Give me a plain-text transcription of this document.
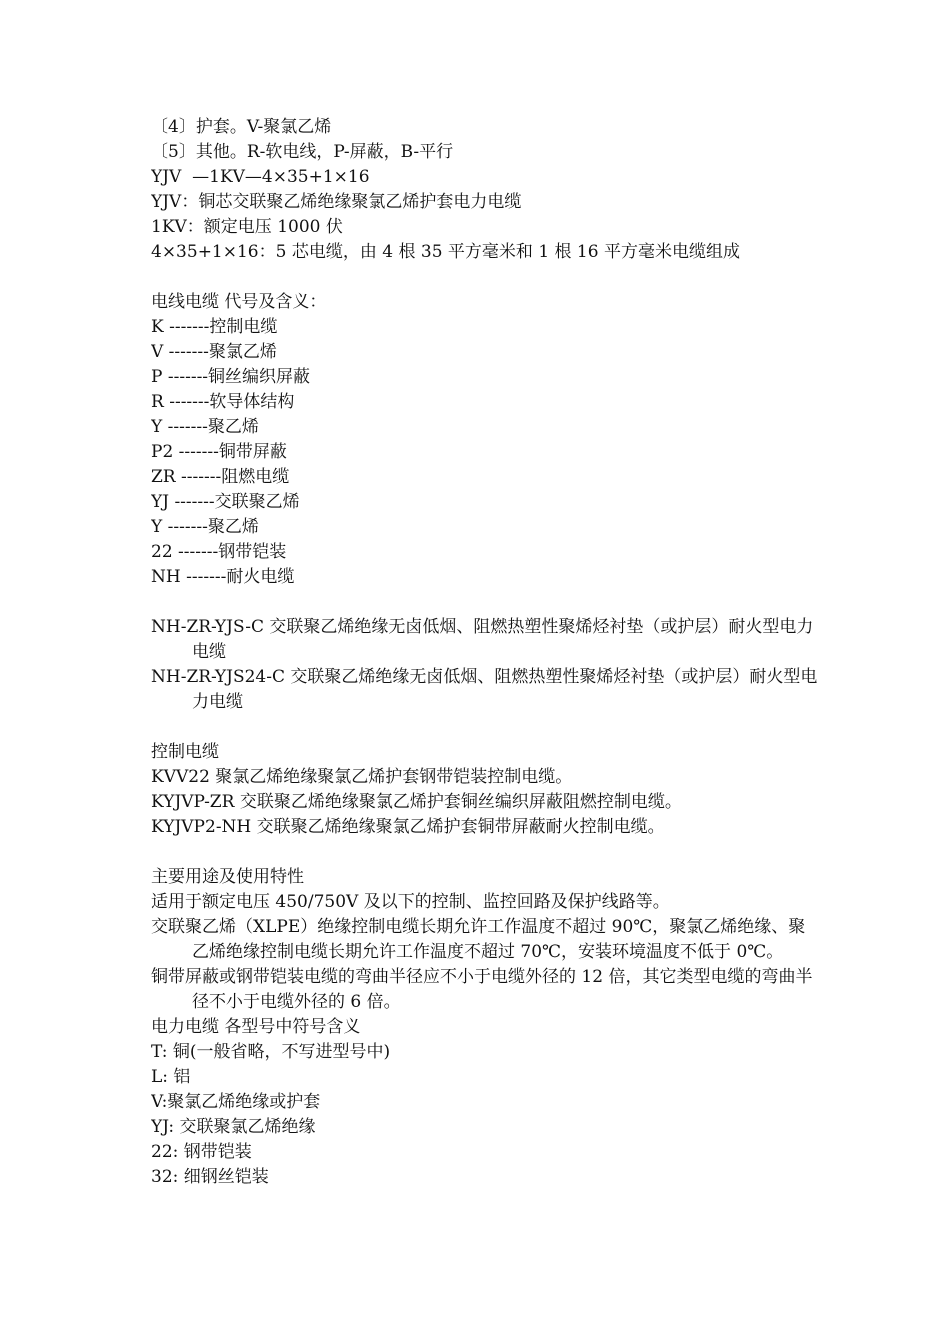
〔4〕护套。V-聚氯乙烯
〔5〕其他。R-软电线，P-屏蔽，B-平行
YJV  —1KV—4×35+1×16
YJV：铜芯交联聚乙烯绝缘聚氯乙烯护套电力电缆
1KV：额定电压 1000 伏
4×35+1×16：5 芯电缆，由 4 根 35 平方毫米和 1 根 16 平方毫米电缆组成
电线电缆 代号及含义：
K -------控制电缆
V -------聚氯乙烯
P -------铜丝编织屏蔽
R -------软导体结构
Y -------聚乙烯
P2 -------铜带屏蔽
ZR -------阻燃电缆
YJ -------交联聚乙烯
Y -------聚乙烯
22 -------钢带铠装
NH -------耐火电缆
NH-ZR-YJS-C 交联聚乙烯绝缘无卤低烟、阻燃热塑性聚烯烃衬垫（或护层）耐火型电力电缆
NH-ZR-YJS24-C 交联聚乙烯绝缘无卤低烟、阻燃热塑性聚烯烃衬垫（或护层）耐火型电力电缆
控制电缆
KVV22 聚氯乙烯绝缘聚氯乙烯护套钢带铠装控制电缆。
KYJVP-ZR 交联聚乙烯绝缘聚氯乙烯护套铜丝编织屏蔽阻燃控制电缆。
KYJVP2-NH 交联聚乙烯绝缘聚氯乙烯护套铜带屏蔽耐火控制电缆。
主要用途及使用特性
适用于额定电压 450/750V 及以下的控制、监控回路及保护线路等。
交联聚乙烯（XLPE）绝缘控制电缆长期允许工作温度不超过 90℃，聚氯乙烯绝缘、聚乙烯绝缘控制电缆长期允许工作温度不超过 70℃，安装环境温度不低于 0℃。
铜带屏蔽或钢带铠装电缆的弯曲半径应不小于电缆外径的 12 倍，其它类型电缆的弯曲半径不小于电缆外径的 6 倍。
电力电缆 各型号中符号含义
T: 铜(一般省略，不写进型号中)
L: 铝
V:聚氯乙烯绝缘或护套
YJ: 交联聚氯乙烯绝缘
22: 钢带铠装
32: 细钢丝铠装
